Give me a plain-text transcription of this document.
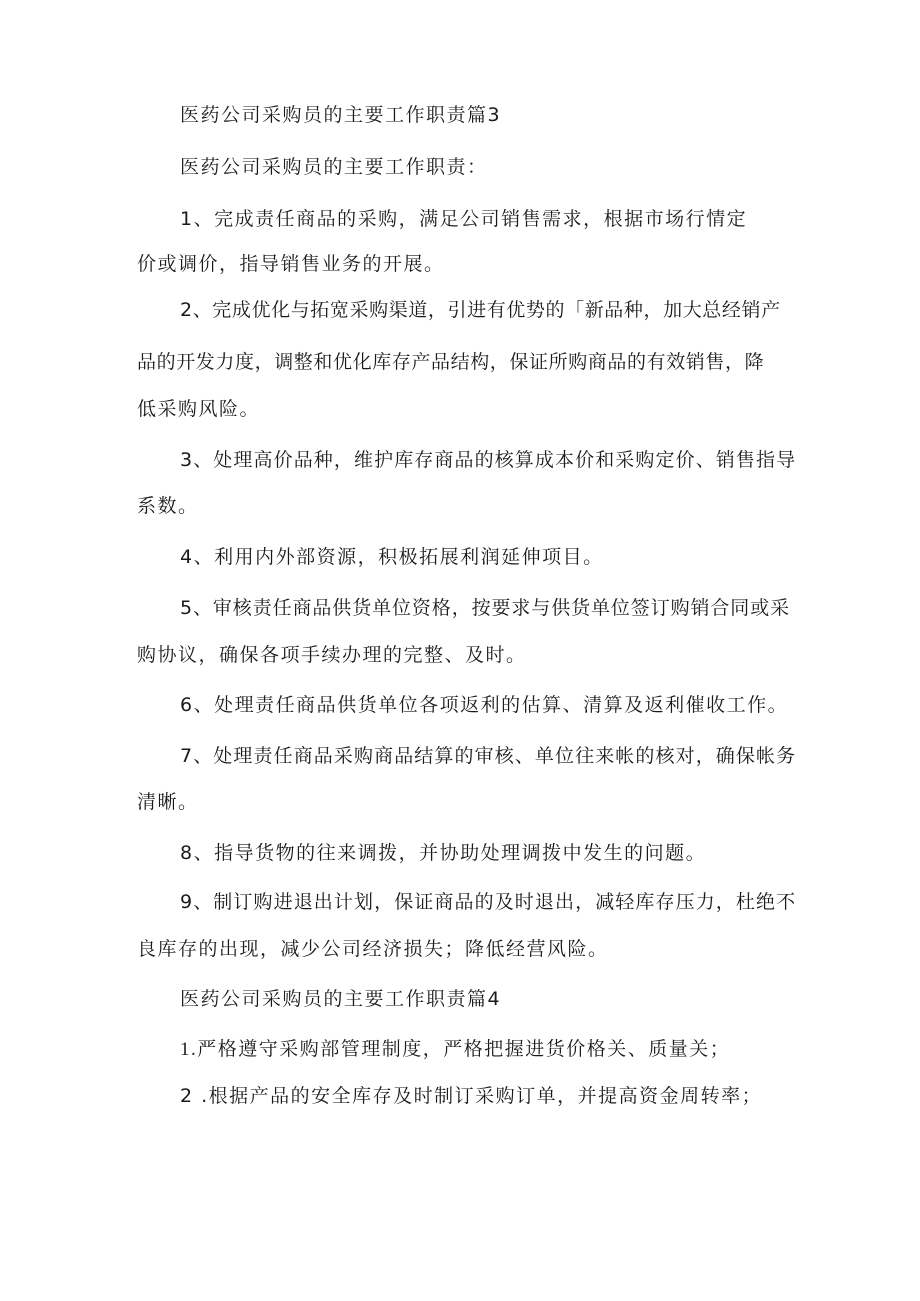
医药公司采购员的主要工作职责篇3
医药公司采购员的主要工作职责：
1、完成责任商品的采购，满足公司销售需求，根据市场行情定
价或调价，指导销售业务的开展。
2、完成优化与拓宽采购渠道，引进有优势的「新品种，加大总经销产
品的开发力度，调整和优化库存产品结构，保证所购商品的有效销售，降
低采购风险。
3、处理高价品种，维护库存商品的核算成本价和采购定价、销售指导
系数。
4、利用内外部资源，积极拓展利润延伸项目。
5、审核责任商品供货单位资格，按要求与供货单位签订购销合同或采
购协议，确保各项手续办理的完整、及时。
6、处理责任商品供货单位各项返利的估算、清算及返利催收工作。
7、处理责任商品采购商品结算的审核、单位往来帐的核对，确保帐务
清晰。
8、指导货物的往来调拨，并协助处理调拨中发生的问题。
9、制订购进退出计划，保证商品的及时退出，减轻库存压力，杜绝不
良库存的出现，减少公司经济损失；降低经营风险。
医药公司采购员的主要工作职责篇4
1.严格遵守采购部管理制度，严格把握进货价格关、质量关；
2 .根据产品的安全库存及时制订采购订单，并提高资金周转率；
